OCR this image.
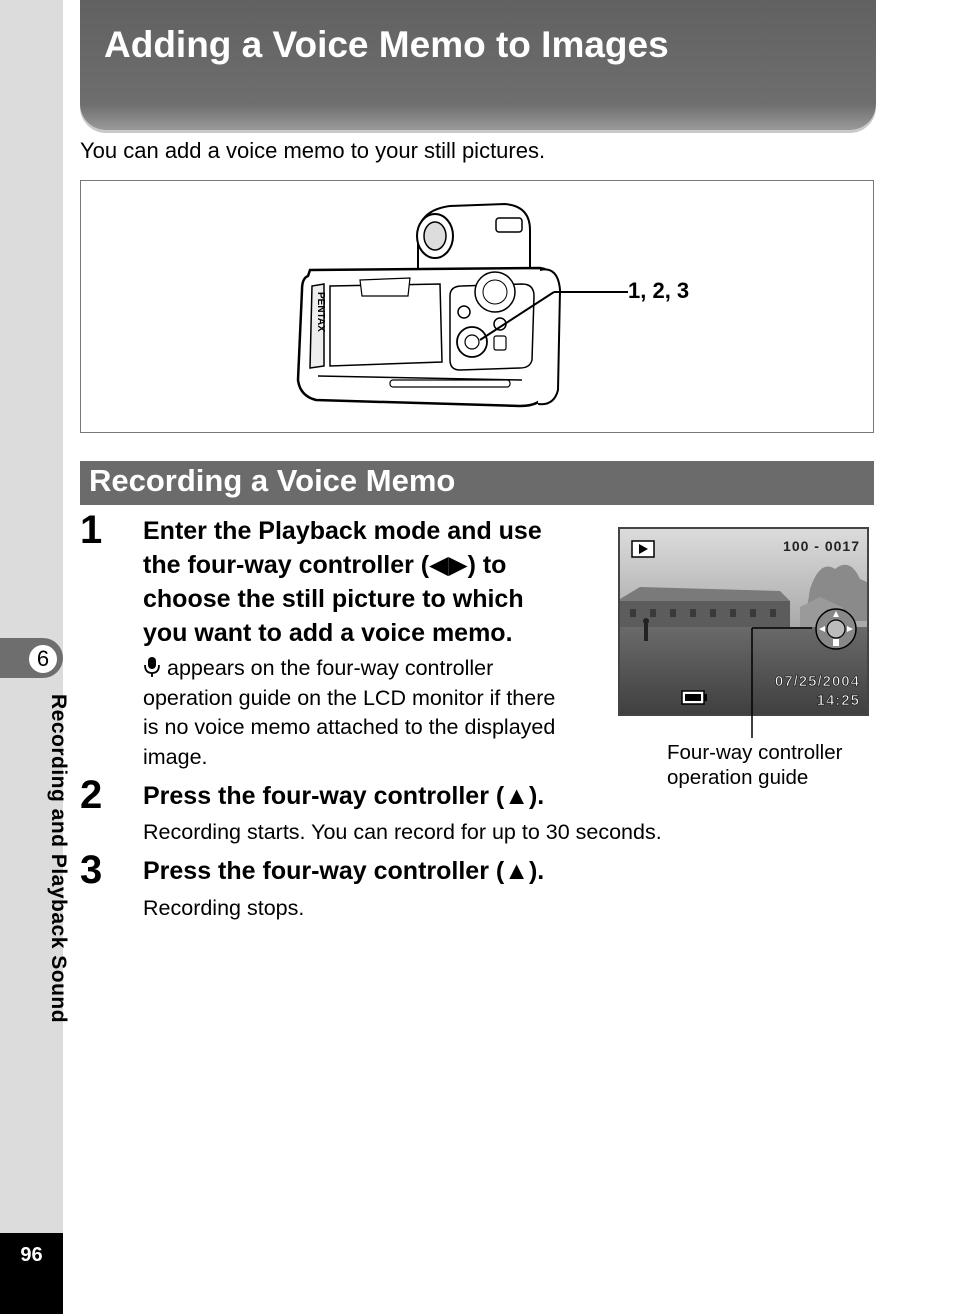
6
Recording and Playback Sound
96
Adding a Voice Memo to Images

You can add a voice memo to your still pictures.

PENTAX
1, 2, 3
Recording a Voice Memo
1 Enter the Playback mode and use
the four-way controller (◀▶) to
choose the still picture to which
you want to add a voice memo.
appears on the four-way controller
operation guide on the LCD monitor if there
is no voice memo attached to the displayed
image.
2 Press the four-way controller (▲).
Recording starts. You can record for up to 30 seconds.
3 Press the four-way controller (▲).
Recording stops.
100 - 0017
07/25/2004
14:25
Four-way controller
operation guide
